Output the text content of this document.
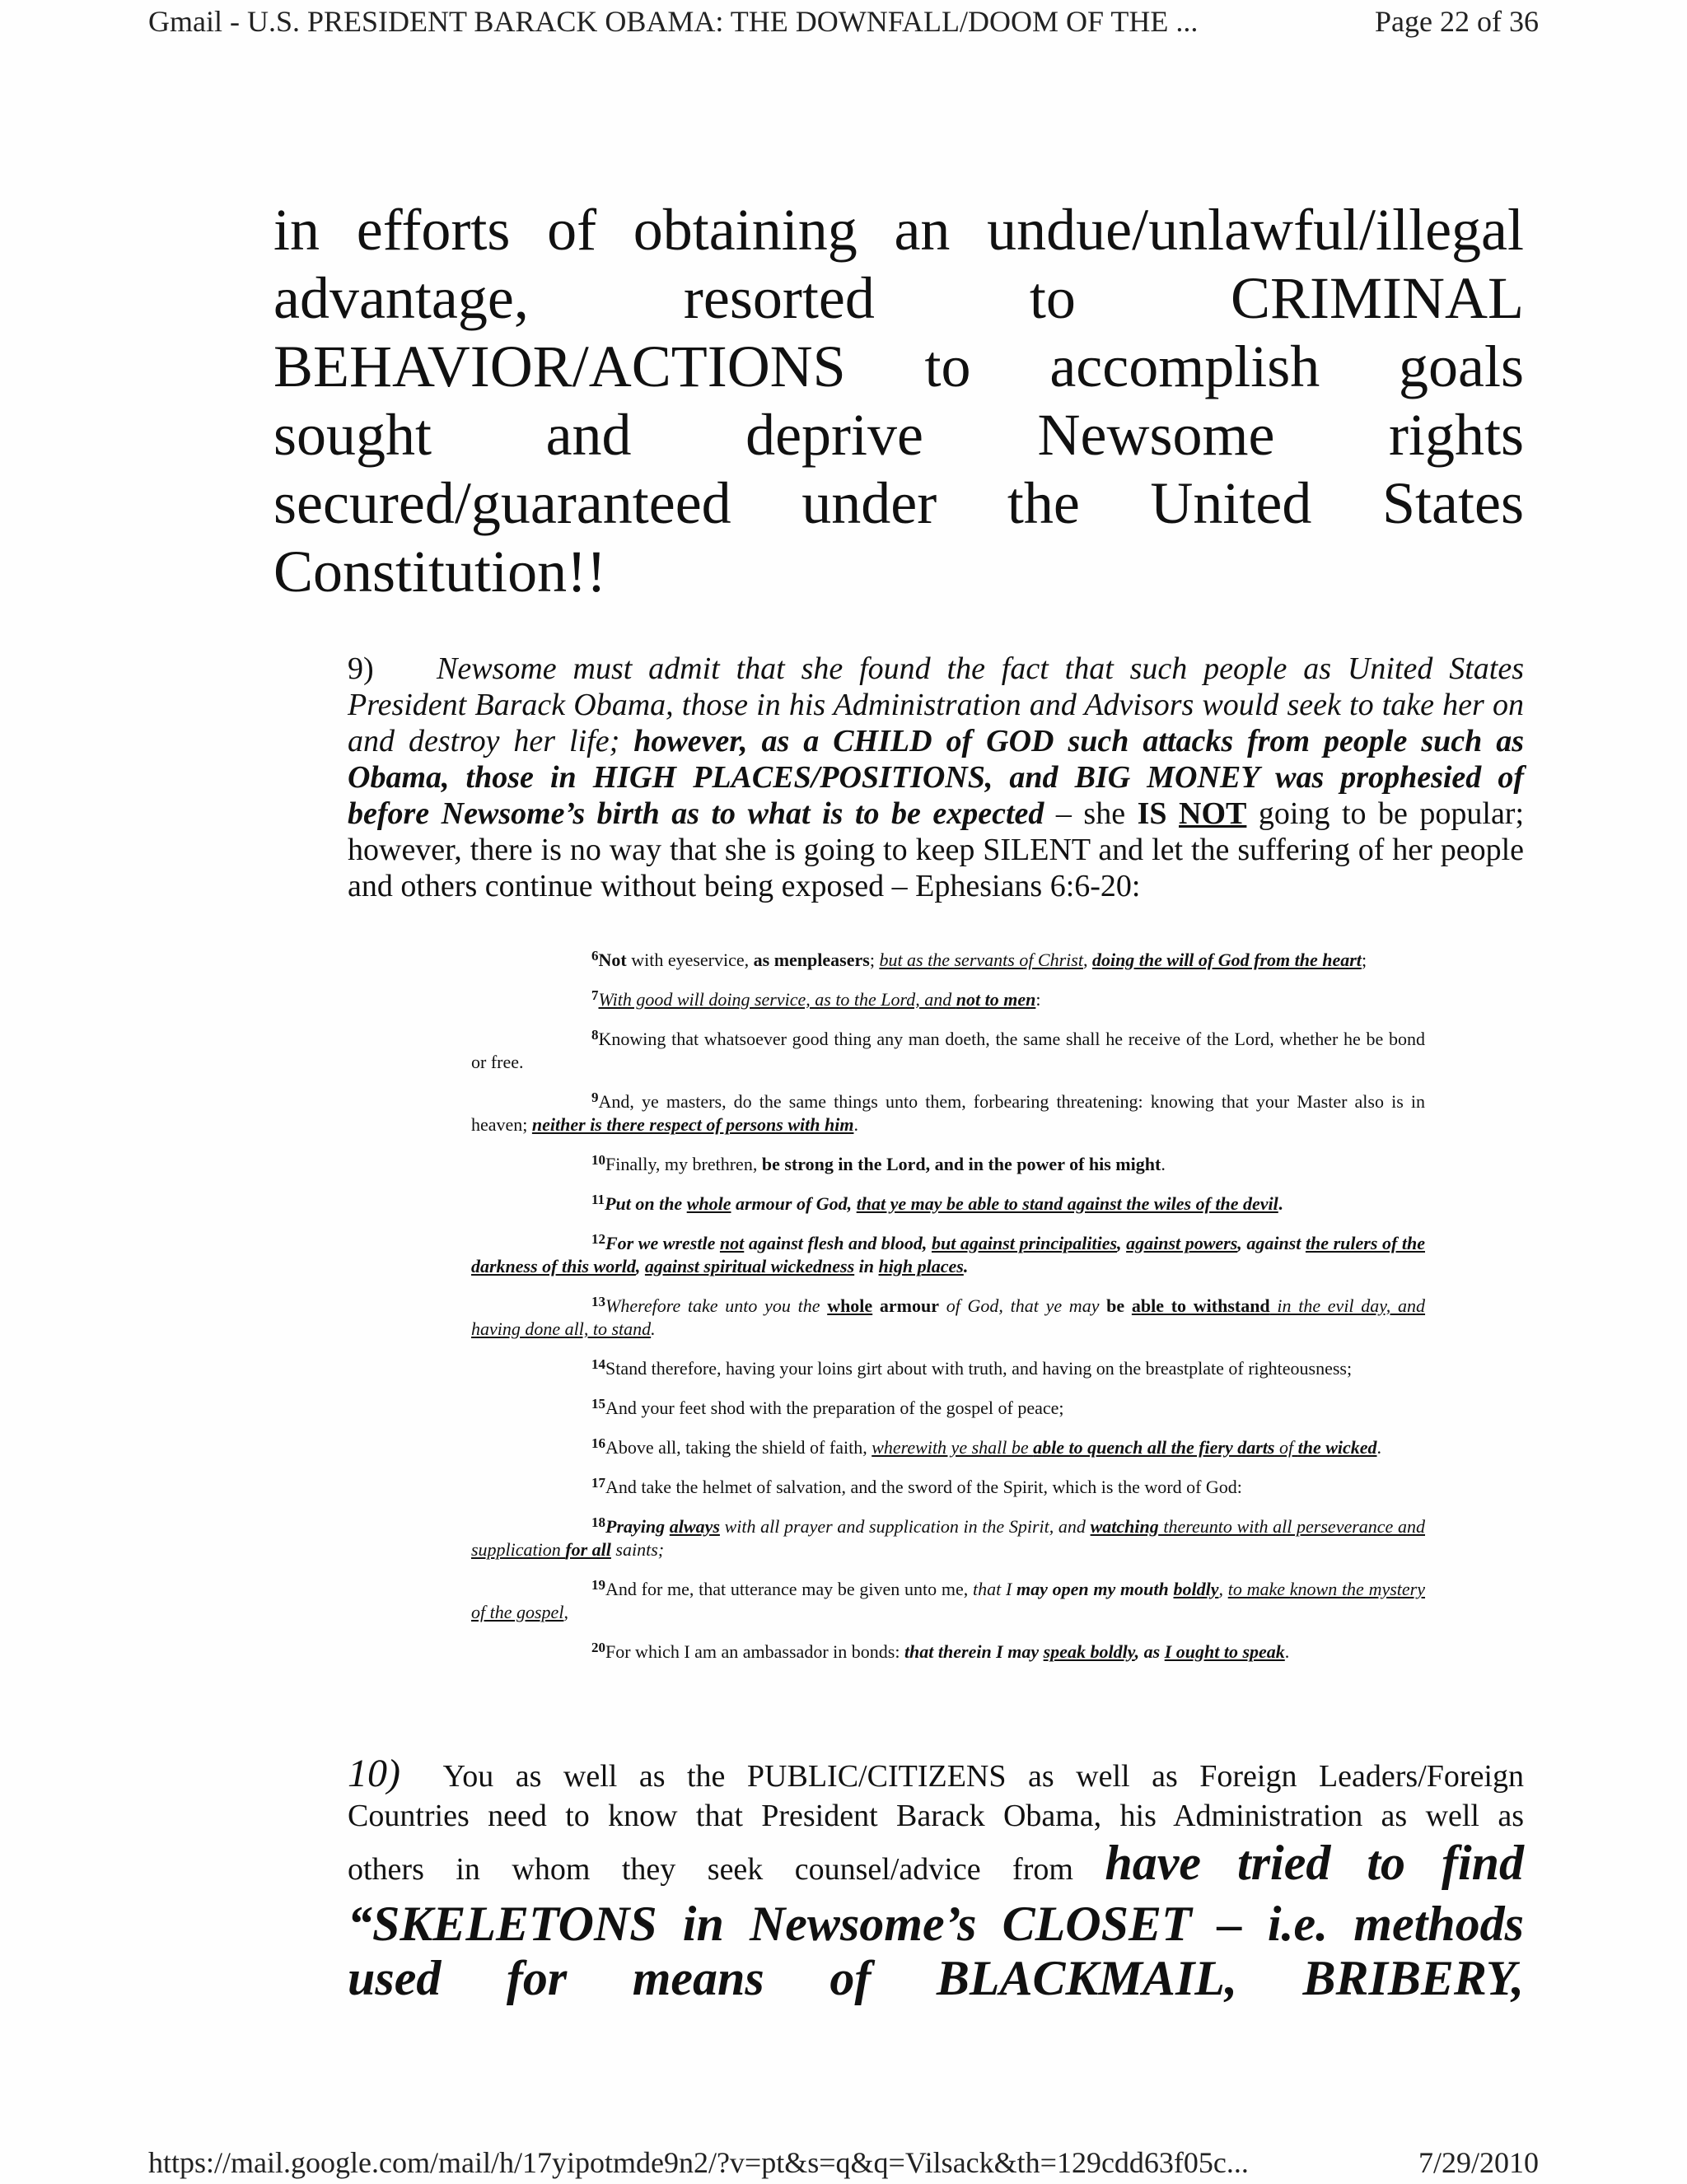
Gmail - U.S. PRESIDENT BARACK OBAMA: THE DOWNFALL/DOOM OF THE ...	Page 22 of 36
in efforts of obtaining an undue/unlawful/illegal
advantage, resorted to CRIMINAL
BEHAVIOR/ACTIONS to accomplish goals
sought and deprive Newsome rights
secured/guaranteed under the United States
Constitution!!
9) Newsome must admit that she found the fact that such people as United States President Barack Obama, those in his Administration and Advisors would seek to take her on and destroy her life; however, as a CHILD of GOD such attacks from people such as Obama, those in HIGH PLACES/POSITIONS, and BIG MONEY was prophesied of before Newsome’s birth as to what is to be expected – she IS NOT going to be popular; however, there is no way that she is going to keep SILENT and let the suffering of her people and others continue without being exposed – Ephesians 6:6-20:

$^6$Not with eyeservice, as menpleasers; but as the servants of Christ, doing the will of God from the heart;

$^7$With good will doing service, as to the Lord, and not to men:

$^8$Knowing that whatsoever good thing any man doeth, the same shall he receive of the Lord, whether he be bond or free.

$^9$And, ye masters, do the same things unto them, forbearing threatening: knowing that your Master also is in heaven; neither is there respect of persons with him.

$^{10}$Finally, my brethren, be strong in the Lord, and in the power of his might.

$^{11}$Put on the whole armour of God, that ye may be able to stand against the wiles of the devil.

$^{12}$For we wrestle not against flesh and blood, but against principalities, against powers, against the rulers of the darkness of this world, against spiritual wickedness in high places.

$^{13}$Wherefore take unto you the whole armour of God, that ye may be able to withstand in the evil day, and having done all, to stand.

$^{14}$Stand therefore, having your loins girt about with truth, and having on the breastplate of righteousness;

$^{15}$And your feet shod with the preparation of the gospel of peace;

$^{16}$Above all, taking the shield of faith, wherewith ye shall be able to quench all the fiery darts of the wicked.

$^{17}$And take the helmet of salvation, and the sword of the Spirit, which is the word of God:

$^{18}$Praying always with all prayer and supplication in the Spirit, and watching thereunto with all perseverance and supplication for all saints;

$^{19}$And for me, that utterance may be given unto me, that I may open my mouth boldly, to make known the mystery of the gospel,

$^{20}$For which I am an ambassador in bonds: that therein I may speak boldly, as I ought to speak.

10) You as well as the PUBLIC/CITIZENS as well as Foreign Leaders/Foreign
Countries need to know that President Barack Obama, his Administration as well as
others in whom they seek counsel/advice from have tried to find
“SKELETONS in Newsome’s CLOSET – i.e. methods
used for means of BLACKMAIL, BRIBERY,
https://mail.google.com/mail/h/17yipotmde9n2/?v=pt&s=q&q=Vilsack&th=129cdd63f05c...	7/29/2010
